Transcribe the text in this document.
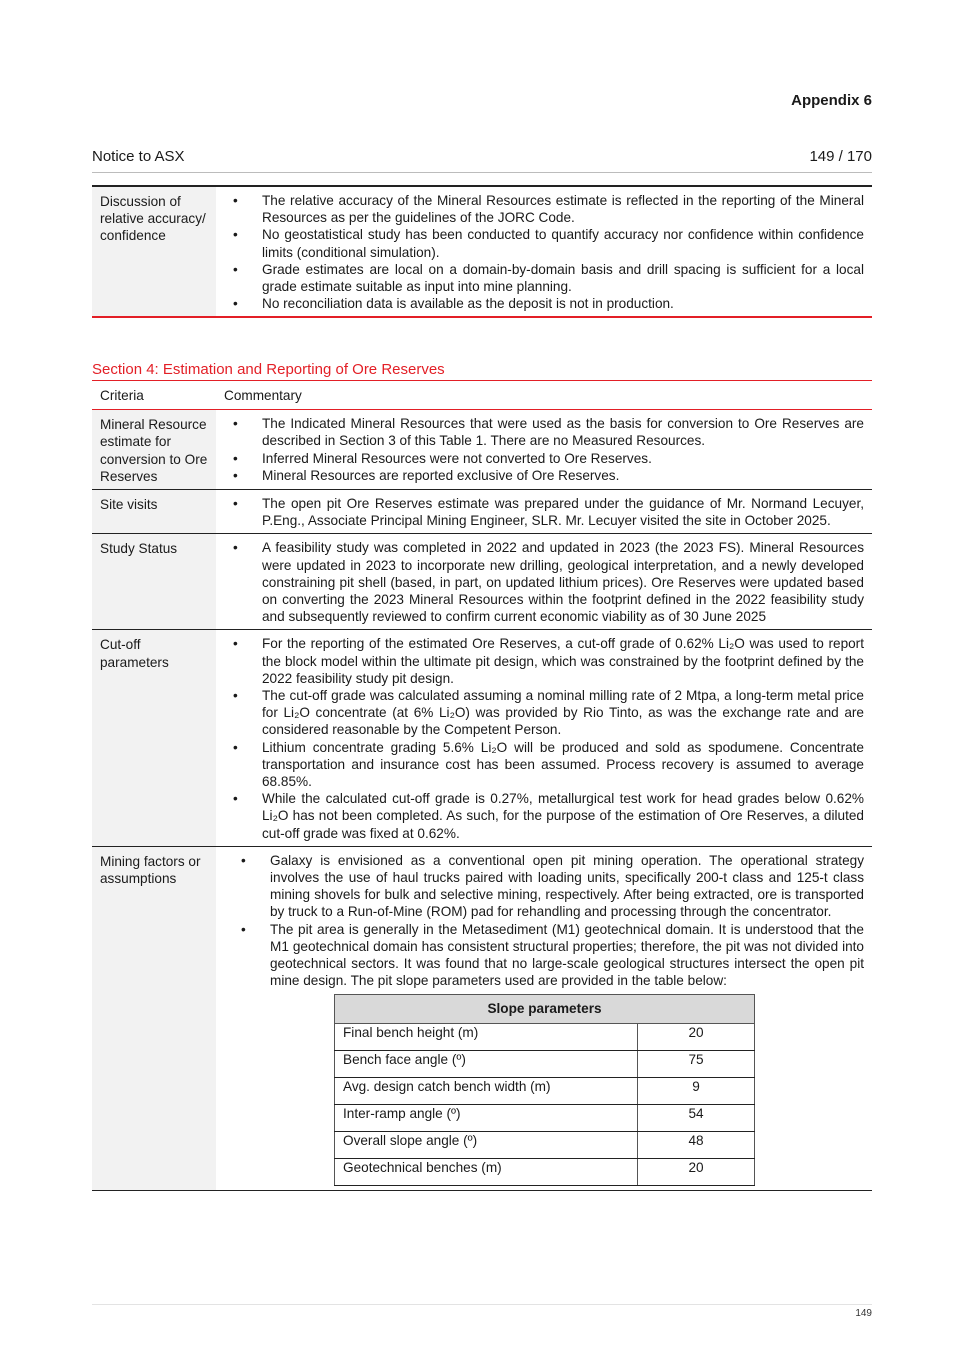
Appendix 6
Notice to ASX	149 / 170
Discussion of relative accuracy/ confidence	
• The relative accuracy of the Mineral Resources estimate is reflected in the reporting of the Mineral Resources as per the guidelines of the JORC Code.
• No geostatistical study has been conducted to quantify accuracy nor confidence within confidence limits (conditional simulation).
• Grade estimates are local on a domain-by-domain basis and drill spacing is sufficient for a local grade estimate suitable as input into mine planning.
• No reconciliation data is available as the deposit is not in production.
Section 4: Estimation and Reporting of Ore Reserves
Criteria	Commentary
Mineral Resource estimate for conversion to Ore Reserves	
• The Indicated Mineral Resources that were used as the basis for conversion to Ore Reserves are described in Section 3 of this Table 1. There are no Measured Resources.
• Inferred Mineral Resources were not converted to Ore Reserves.
• Mineral Resources are reported exclusive of Ore Reserves.

Site visits	
•The open pit Ore Reserves estimate was prepared under the guidance of Mr. Normand Lecuyer, P.Eng., Associate Principal Mining Engineer, SLR. Mr. Lecuyer visited the site in October 2025.

Study Status	
•A feasibility study was completed in 2022 and updated in 2023 (the 2023 FS). Mineral Resources were updated in 2023 to incorporate new drilling, geological interpretation, and a newly developed constraining pit shell (based, in part, on updated lithium prices). Ore Reserves were updated based on converting the 2023 Mineral Resources within the footprint defined in the 2022 feasibility study and subsequently reviewed to confirm current economic viability as of 30 June 2025

Cut-off parameters	
• For the reporting of the estimated Ore Reserves, a cut-off grade of 0.62% Li₂O was used to report the block model within the ultimate pit design, which was constrained by the footprint defined by the 2022 feasibility study pit design.
• The cut-off grade was calculated assuming a nominal milling rate of 2 Mtpa, a long-term metal price for Li₂O concentrate (at 6% Li₂O) was provided by Rio Tinto, as was the exchange rate and are considered reasonable by the Competent Person.
• Lithium concentrate grading 5.6% Li₂O will be produced and sold as spodumene. Concentrate transportation and insurance cost has been assumed. Process recovery is assumed to average 68.85%.
• While the calculated cut-off grade is 0.27%, metallurgical test work for head grades below 0.62% Li₂O has not been completed. As such, for the purpose of the estimation of Ore Reserves, a diluted cut-off grade was fixed at 0.62%.

Mining factors or assumptions	
• Galaxy is envisioned as a conventional open pit mining operation. The operational strategy involves the use of haul trucks paired with loading units, specifically 200-t class and 125-t class mining shovels for bulk and selective mining, respectively. After being extracted, ore is transported by truck to a Run-of-Mine (ROM) pad for rehandling and processing through the concentrator.
• The pit area is generally in the Metasediment (M1) geotechnical domain. It is understood that the M1 geotechnical domain has consistent structural properties; therefore, the pit was not divided into geotechnical sectors. It was found that no large-scale geological structures intersect the open pit mine design. The pit slope parameters used are provided in the table below:
Slope parameters
Final bench height (m)	20
Bench face angle (º)	75
Avg. design catch bench width (m)	9
Inter-ramp angle (º)	54
Overall slope angle (º)	48
Geotechnical benches (m)	20
149
